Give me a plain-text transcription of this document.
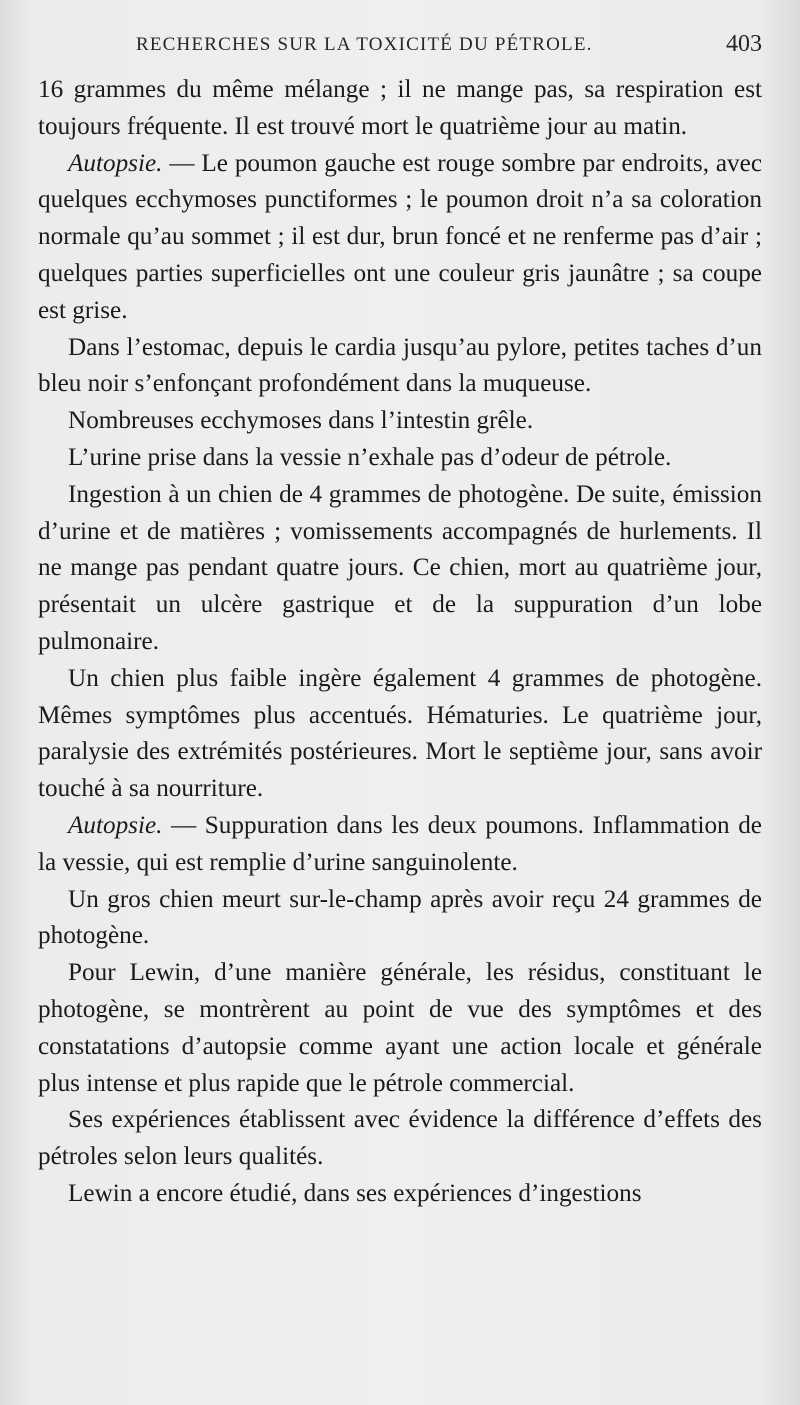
RECHERCHES SUR LA TOXICITÉ DU PÉTROLE.	403

16 grammes du même mélange ; il ne mange pas, sa respiration est toujours fréquente. Il est trouvé mort le quatrième jour au matin.

Autopsie. — Le poumon gauche est rouge sombre par endroits, avec quelques ecchymoses punctiformes ; le poumon droit n’a sa coloration normale qu’au sommet ; il est dur, brun foncé et ne renferme pas d’air ; quelques parties superficielles ont une couleur gris jaunâtre ; sa coupe est grise.

Dans l’estomac, depuis le cardia jusqu’au pylore, petites taches d’un bleu noir s’enfonçant profondément dans la muqueuse.

Nombreuses ecchymoses dans l’intestin grêle.

L’urine prise dans la vessie n’exhale pas d’odeur de pétrole.

Ingestion à un chien de 4 grammes de photogène. De suite, émission d’urine et de matières ; vomissements accompagnés de hurlements. Il ne mange pas pendant quatre jours. Ce chien, mort au quatrième jour, présentait un ulcère gastrique et de la suppuration d’un lobe pulmonaire.

Un chien plus faible ingère également 4 grammes de photogène. Mêmes symptômes plus accentués. Hématuries. Le quatrième jour, paralysie des extrémités postérieures. Mort le septième jour, sans avoir touché à sa nourriture.

Autopsie. — Suppuration dans les deux poumons. Inflammation de la vessie, qui est remplie d’urine sanguinolente.

Un gros chien meurt sur-le-champ après avoir reçu 24 grammes de photogène.

Pour Lewin, d’une manière générale, les résidus, constituant le photogène, se montrèrent au point de vue des symptômes et des constatations d’autopsie comme ayant une action locale et générale plus intense et plus rapide que le pétrole commercial.

Ses expériences établissent avec évidence la différence d’effets des pétroles selon leurs qualités.

Lewin a encore étudié, dans ses expériences d’ingestions
